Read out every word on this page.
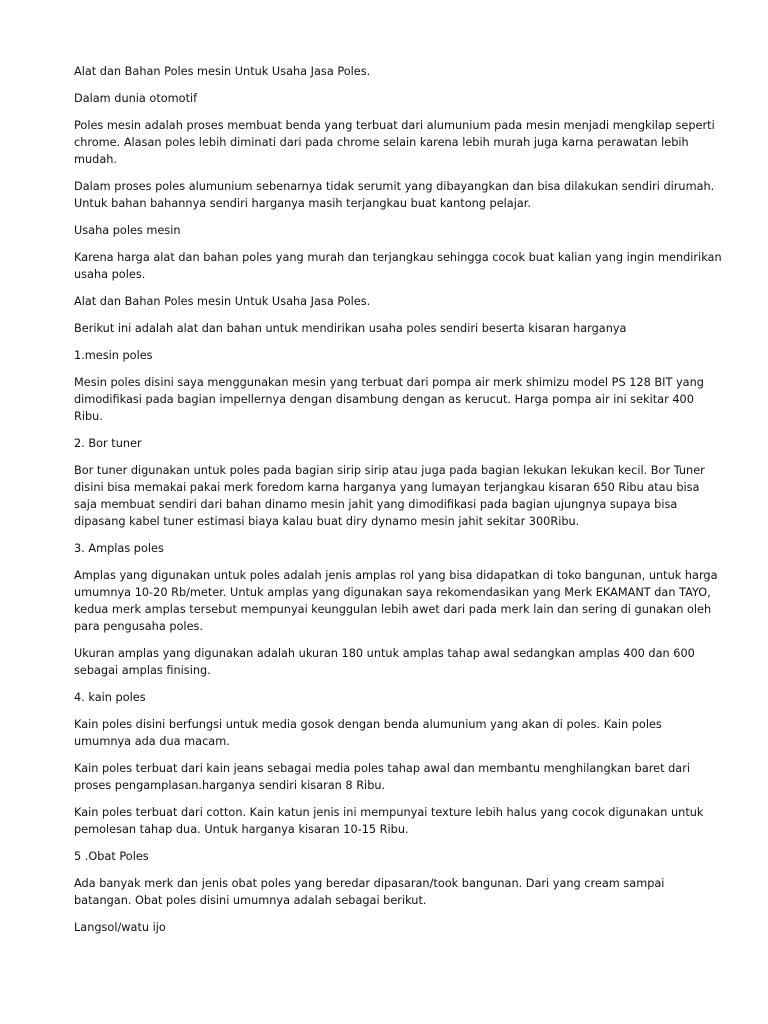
Alat dan Bahan Poles mesin Untuk Usaha Jasa Poles.

Dalam dunia otomotif

Poles mesin adalah proses membuat benda yang terbuat dari alumunium pada mesin menjadi mengkilap seperti chrome. Alasan poles lebih diminati dari pada chrome selain karena lebih murah juga karna perawatan lebih mudah.

Dalam proses poles alumunium sebenarnya tidak serumit yang dibayangkan dan bisa dilakukan sendiri dirumah. Untuk bahan bahannya sendiri harganya masih terjangkau buat kantong pelajar.

Usaha poles mesin

Karena harga alat dan bahan poles yang murah dan terjangkau sehingga cocok buat kalian yang ingin mendirikan usaha poles.

Alat dan Bahan Poles mesin Untuk Usaha Jasa Poles.

Berikut ini adalah alat dan bahan untuk mendirikan usaha poles sendiri beserta kisaran harganya

1.mesin poles

Mesin poles disini saya menggunakan mesin yang terbuat dari pompa air merk shimizu model PS 128 BIT yang dimodifikasi pada bagian impellernya dengan disambung dengan as kerucut. Harga pompa air ini sekitar 400 Ribu.

2. Bor tuner

Bor tuner digunakan untuk poles pada bagian sirip sirip atau juga pada bagian lekukan lekukan kecil. Bor Tuner disini bisa memakai pakai merk foredom karna harganya yang lumayan terjangkau kisaran 650 Ribu atau bisa saja membuat sendiri dari bahan dinamo mesin jahit yang dimodifikasi pada bagian ujungnya supaya bisa dipasang kabel tuner estimasi biaya kalau buat diry dynamo mesin jahit sekitar 300Ribu.

3. Amplas poles

Amplas yang digunakan untuk poles adalah jenis amplas rol yang bisa didapatkan di toko bangunan, untuk harga umumnya 10-20 Rb/meter. Untuk amplas yang digunakan saya rekomendasikan yang Merk EKAMANT dan TAYO, kedua merk amplas tersebut mempunyai keunggulan lebih awet dari pada merk lain dan sering di gunakan oleh para pengusaha poles.

Ukuran amplas yang digunakan adalah ukuran 180 untuk amplas tahap awal sedangkan amplas 400 dan 600 sebagai amplas finising.

4. kain poles

Kain poles disini berfungsi untuk media gosok dengan benda alumunium yang akan di poles. Kain poles umumnya ada dua macam.

Kain poles terbuat dari kain jeans sebagai media poles tahap awal dan membantu menghilangkan baret dari proses pengamplasan.harganya sendiri kisaran 8 Ribu.

Kain poles terbuat dari cotton. Kain katun jenis ini mempunyai texture lebih halus yang cocok digunakan untuk pemolesan tahap dua. Untuk harganya kisaran 10-15 Ribu.

5 .Obat Poles

Ada banyak merk dan jenis obat poles yang beredar dipasaran/took bangunan. Dari yang cream sampai batangan. Obat poles disini umumnya adalah sebagai berikut.

Langsol/watu ijo
